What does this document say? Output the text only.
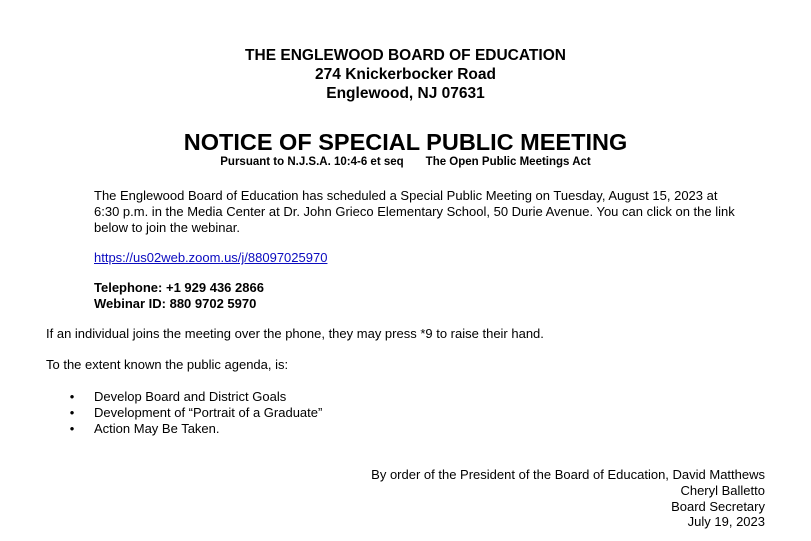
THE ENGLEWOOD BOARD OF EDUCATION
274 Knickerbocker Road
Englewood, NJ 07631
NOTICE OF SPECIAL PUBLIC MEETING
Pursuant to N.J.S.A. 10:4-6 et seq The Open Public Meetings Act
The Englewood Board of Education has scheduled a Special Public Meeting on Tuesday, August 15, 2023 at
6:30 p.m. in the Media Center at Dr. John Grieco Elementary School, 50 Durie Avenue. You can click on the link
below to join the webinar.
https://us02web.zoom.us/j/88097025970
Telephone: +1 929 436 2866
Webinar ID: 880 9702 5970
If an individual joins the meeting over the phone, they may press *9 to raise their hand.
To the extent known the public agenda, is:
• Develop Board and District Goals
• Development of “Portrait of a Graduate”
• Action May Be Taken.
By order of the President of the Board of Education, David Matthews
Cheryl Balletto
Board Secretary
July 19, 2023
